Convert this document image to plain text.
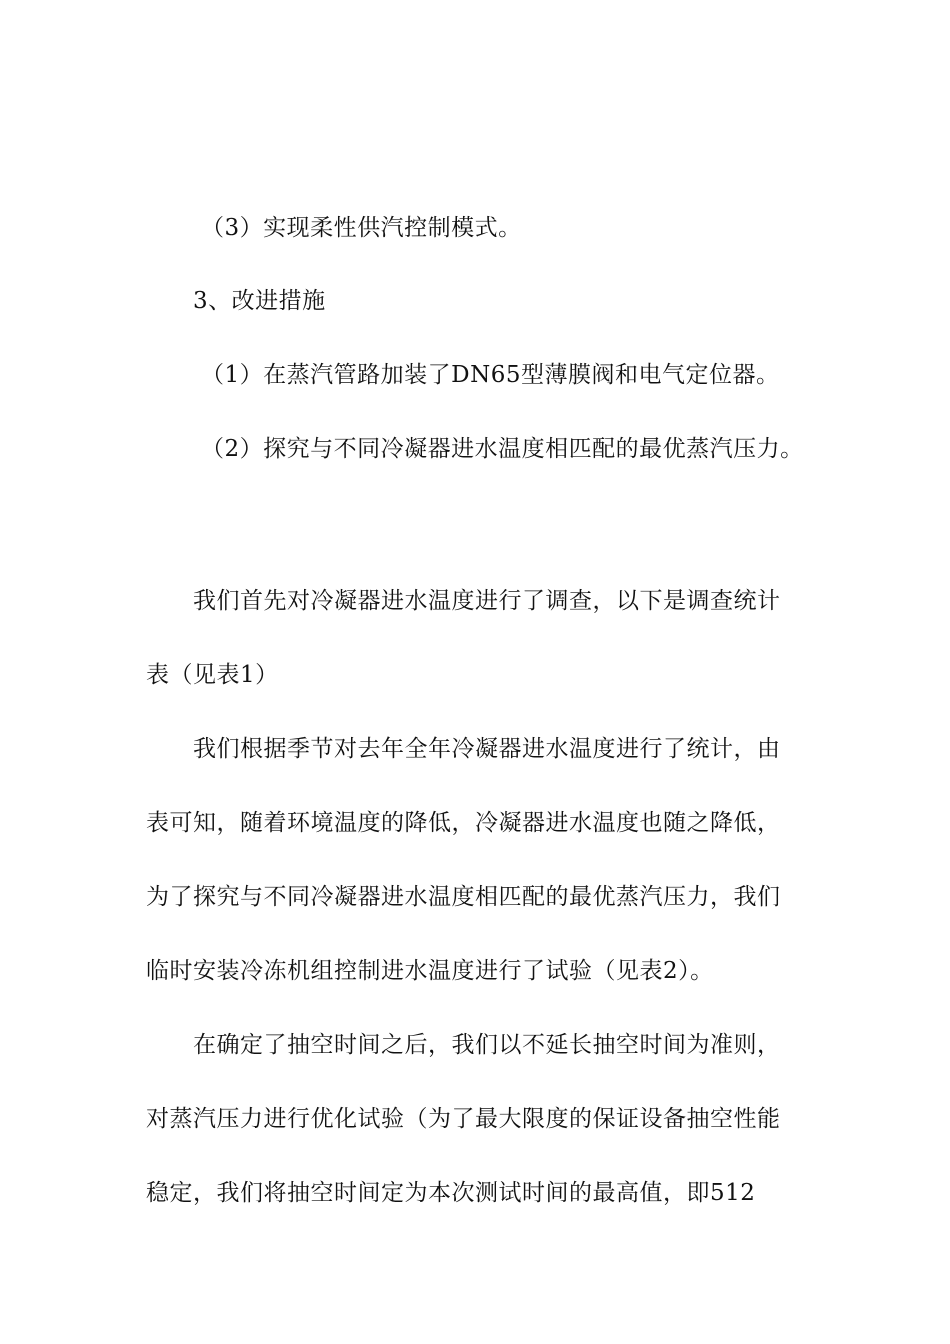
（3）实现柔性供汽控制模式。
3、改进措施
（1）在蒸汽管路加装了DN65型薄膜阀和电气定位器。
（2）探究与不同冷凝器进水温度相匹配的最优蒸汽压力。
我们首先对冷凝器进水温度进行了调查，以下是调查统计
表（见表1）
我们根据季节对去年全年冷凝器进水温度进行了统计，由
表可知，随着环境温度的降低，冷凝器进水温度也随之降低，
为了探究与不同冷凝器进水温度相匹配的最优蒸汽压力，我们
临时安装冷冻机组控制进水温度进行了试验（见表2）。
在确定了抽空时间之后，我们以不延长抽空时间为准则，
对蒸汽压力进行优化试验（为了最大限度的保证设备抽空性能
稳定，我们将抽空时间定为本次测试时间的最高值，即512
